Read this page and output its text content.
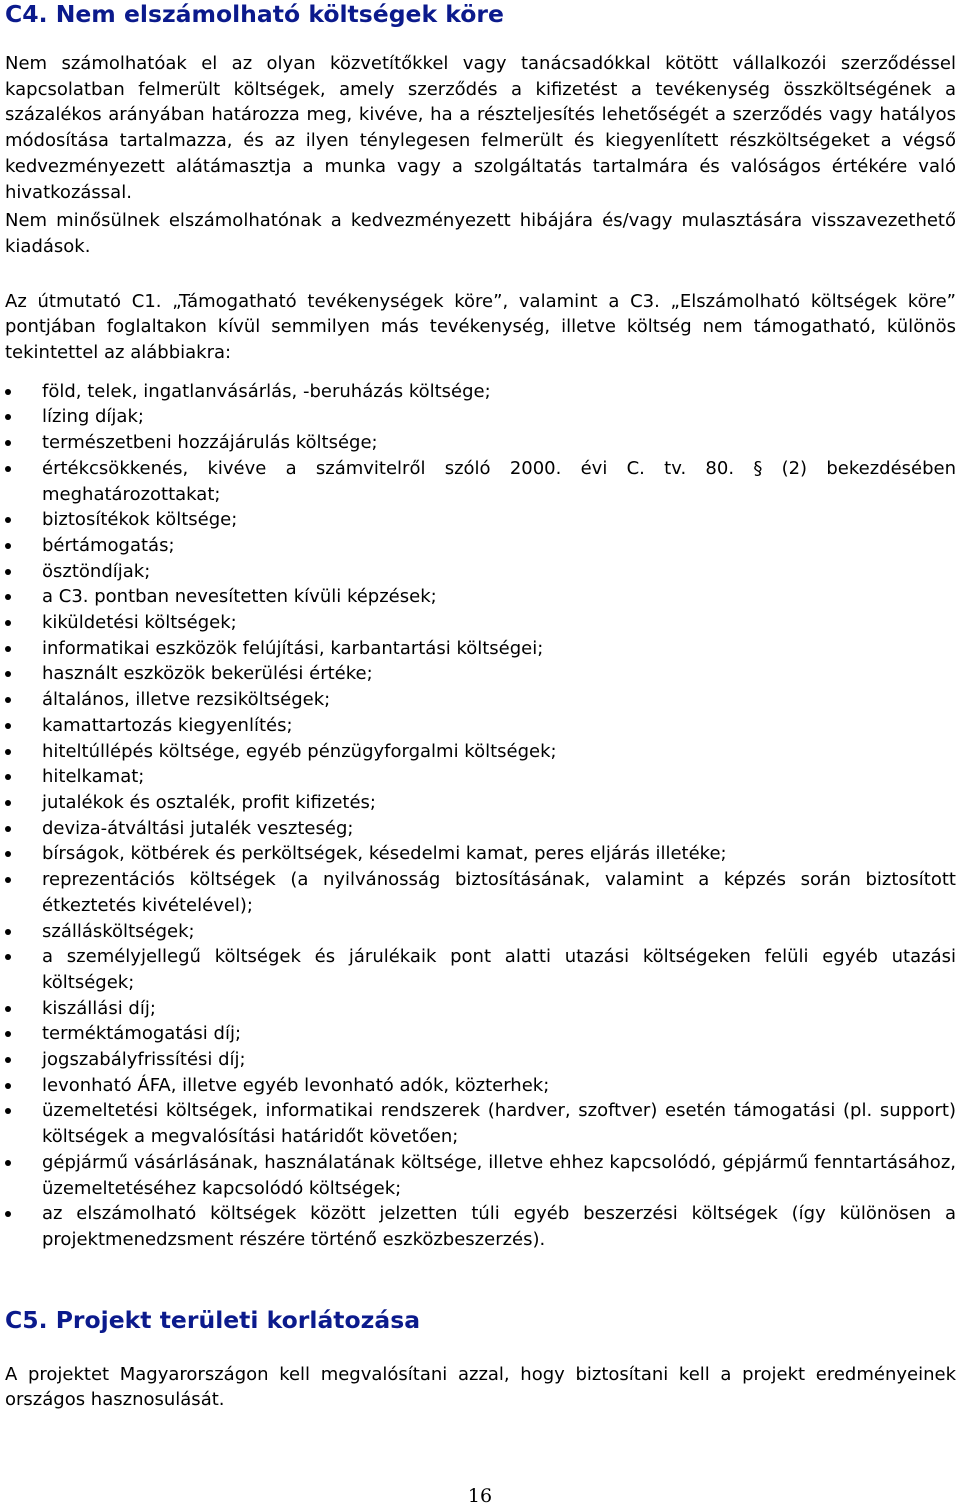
C4. Nem elszámolható költségek köre

Nem számolhatóak el az olyan közvetítőkkel vagy tanácsadókkal kötött vállalkozói szerződéssel kapcsolatban felmerült költségek, amely szerződés a kifizetést a tevékenység összköltségének a százalékos arányában határozza meg, kivéve, ha a részteljesítés lehetőségét a szerződés vagy hatályos módosítása tartalmazza, és az ilyen ténylegesen felmerült és kiegyenlített részköltségeket a végső kedvezményezett alátámasztja a munka vagy a szolgáltatás tartalmára és valóságos értékére való hivatkozással.

Nem minősülnek elszámolhatónak a kedvezményezett hibájára és/vagy mulasztására visszavezethető kiadások.

Az útmutató C1. „Támogatható tevékenységek köre”, valamint a C3. „Elszámolható költségek köre” pontjában foglaltakon kívül semmilyen más tevékenység, illetve költség nem támogatható, különös tekintettel az alábbiakra:

föld, telek, ingatlanvásárlás, -beruházás költsége;
lízing díjak;
természetbeni hozzájárulás költsége;
értékcsökkenés, kivéve a számvitelről szóló 2000. évi C. tv. 80. § (2) bekezdésében meghatározottakat;
biztosítékok költsége;
bértámogatás;
ösztöndíjak;
a C3. pontban nevesítetten kívüli képzések;
kiküldetési költségek;
informatikai eszközök felújítási, karbantartási költségei;
használt eszközök bekerülési értéke;
általános, illetve rezsiköltségek;
kamattartozás kiegyenlítés;
hiteltúllépés költsége, egyéb pénzügyforgalmi költségek;
hitelkamat;
jutalékok és osztalék, profit kifizetés;
deviza-átváltási jutalék veszteség;
bírságok, kötbérek és perköltségek, késedelmi kamat, peres eljárás illetéke;
reprezentációs költségek (a nyilvánosság biztosításának, valamint a képzés során biztosított étkeztetés kivételével);
szállásköltségek;
a személyjellegű költségek és járulékaik pont alatti utazási költségeken felüli egyéb utazási költségek;
kiszállási díj;
terméktámogatási díj;
jogszabályfrissítési díj;
levonható ÁFA, illetve egyéb levonható adók, közterhek;
üzemeltetési költségek, informatikai rendszerek (hardver, szoftver) esetén támogatási (pl. support) költségek a megvalósítási határidőt követően;
gépjármű vásárlásának, használatának költsége, illetve ehhez kapcsolódó, gépjármű fenntartásához, üzemeltetéséhez kapcsolódó költségek;
az elszámolható költségek között jelzetten túli egyéb beszerzési költségek (így különösen a projektmenedzsment részére történő eszközbeszerzés).
C5. Projekt területi korlátozása

A projektet Magyarországon kell megvalósítani azzal, hogy biztosítani kell a projekt eredményeinek országos hasznosulását.

16
